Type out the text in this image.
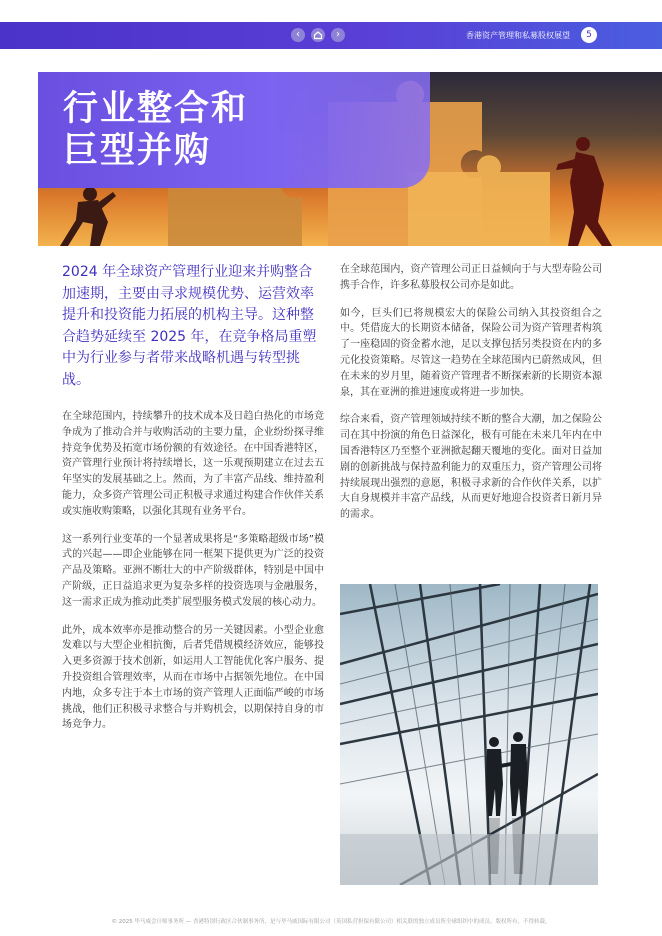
‹	›	香港资产管理和私募股权展望	5
行业整合和
巨型并购

2024 年全球资产管理行业迎来并购整合加速期，主要由寻求规模优势、运营效率提升和投资能力拓展的机构主导。这种整合趋势延续至 2025 年，在竞争格局重塑中为行业参与者带来战略机遇与转型挑战。

在全球范围内，持续攀升的技术成本及日趋白热化的市场竞争成为了推动合并与收购活动的主要力量，企业纷纷探寻维持竞争优势及拓宽市场份额的有效途径。在中国香港特区，资产管理行业预计将持续增长，这一乐观预期建立在过去五年坚实的发展基础之上。然而，为了丰富产品线、维持盈利能力，众多资产管理公司正积极寻求通过构建合作伙伴关系或实施收购策略，以强化其现有业务平台。

这一系列行业变革的一个显著成果将是“多策略超级市场”模式的兴起——即企业能够在同一框架下提供更为广泛的投资产品及策略。亚洲不断壮大的中产阶级群体，特别是中国中产阶级，正日益追求更为复杂多样的投资选项与金融服务，这一需求正成为推动此类扩展型服务模式发展的核心动力。

此外，成本效率亦是推动整合的另一关键因素。小型企业愈发难以与大型企业相抗衡，后者凭借规模经济效应，能够投入更多资源于技术创新，如运用人工智能优化客户服务、提升投资组合管理效率，从而在市场中占据领先地位。在中国内地，众多专注于本土市场的资产管理人正面临严峻的市场挑战，他们正积极寻求整合与并购机会，以期保持自身的市场竞争力。

在全球范围内，资产管理公司正日益倾向于与大型寿险公司携手合作，许多私募股权公司亦是如此。

如今，巨头们已将规模宏大的保险公司纳入其投资组合之中。凭借庞大的长期资本储备，保险公司为资产管理者构筑了一座稳固的资金蓄水池，足以支撑包括另类投资在内的多元化投资策略。尽管这一趋势在全球范围内已蔚然成风，但在未来的岁月里，随着资产管理者不断探索新的长期资本源泉，其在亚洲的推进速度或将进一步加快。

综合来看，资产管理领域持续不断的整合大潮，加之保险公司在其中扮演的角色日益深化，极有可能在未来几年内在中国香港特区乃至整个亚洲掀起翻天覆地的变化。面对日益加剧的创新挑战与保持盈利能力的双重压力，资产管理公司将持续展现出强烈的意愿，积极寻求新的合作伙伴关系，以扩大自身规模并丰富产品线，从而更好地迎合投资者日新月异的需求。

© 2025 毕马威会计师事务所 — 香港特别行政区合伙制事务所，是与毕马威国际有限公司（英国私营担保有限公司）相关联的独立成员所全球组织中的成员。版权所有，不得转载。
